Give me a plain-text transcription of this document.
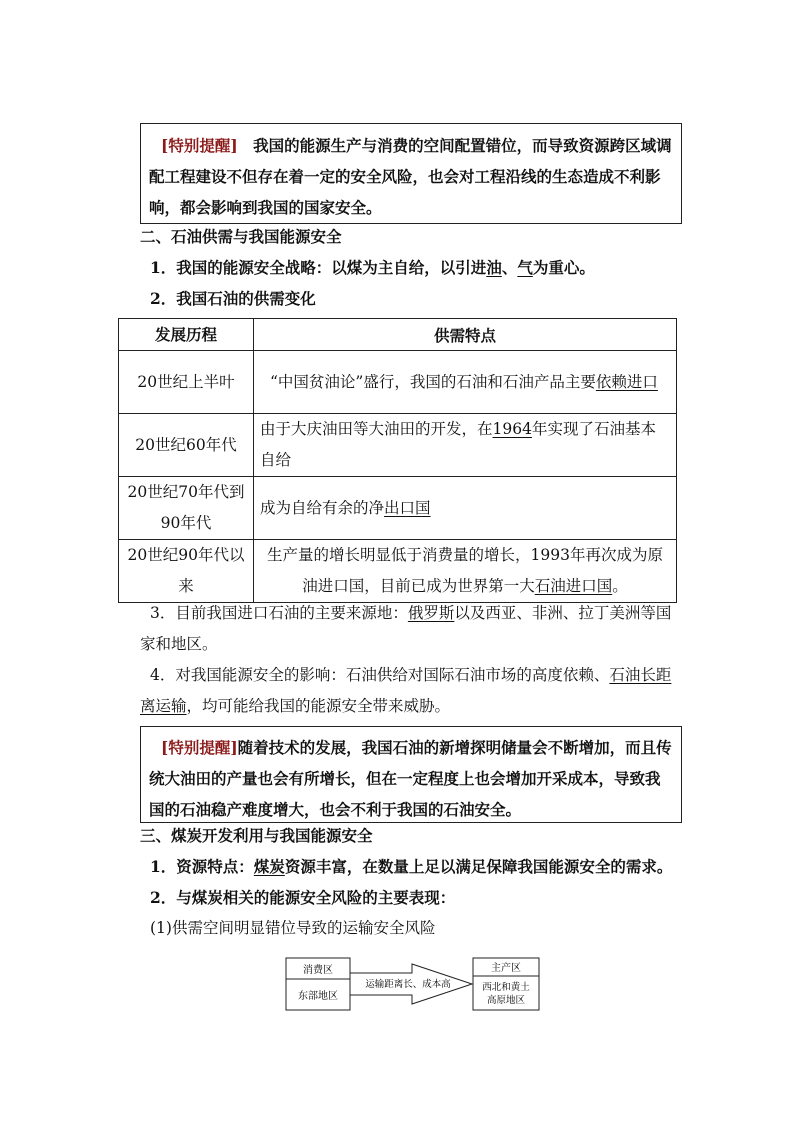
[特别提醒]　我国的能源生产与消费的空间配置错位，而导致资源跨区域调配工程建设不但存在着一定的安全风险，也会对工程沿线的生态造成不利影响，都会影响到我国的国家安全。

二、石油供需与我国能源安全

1．我国的能源安全战略：以煤为主自给，以引进油、气为重心。

2．我国石油的供需变化

发展历程	供需特点
20世纪上半叶	“中国贫油论”盛行，我国的石油和石油产品主要依赖进口
20世纪60年代	由于大庆油田等大油田的开发，在1964年实现了石油基本自给
20世纪70年代到90年代	成为自给有余的净出口国
20世纪90年代以来	生产量的增长明显低于消费量的增长，1993年再次成为原油进口国，目前已成为世界第一大石油进口国。

3．目前我国进口石油的主要来源地：俄罗斯以及西亚、非洲、拉丁美洲等国家和地区。

4．对我国能源安全的影响：石油供给对国际石油市场的高度依赖、石油长距离运输，均可能给我国的能源安全带来威胁。

[特别提醒]随着技术的发展，我国石油的新增探明储量会不断增加，而且传统大油田的产量也会有所增长，但在一定程度上也会增加开采成本，导致我国的石油稳产难度增大，也会不利于我国的石油安全。

三、煤炭开发利用与我国能源安全

1．资源特点：煤炭资源丰富，在数量上足以满足保障我国能源安全的需求。

2．与煤炭相关的能源安全风险的主要表现：

(1)供需空间明显错位导致的运输安全风险

消费区
东部地区
运输距离长、成本高
主产区
西北和黄土
高原地区
